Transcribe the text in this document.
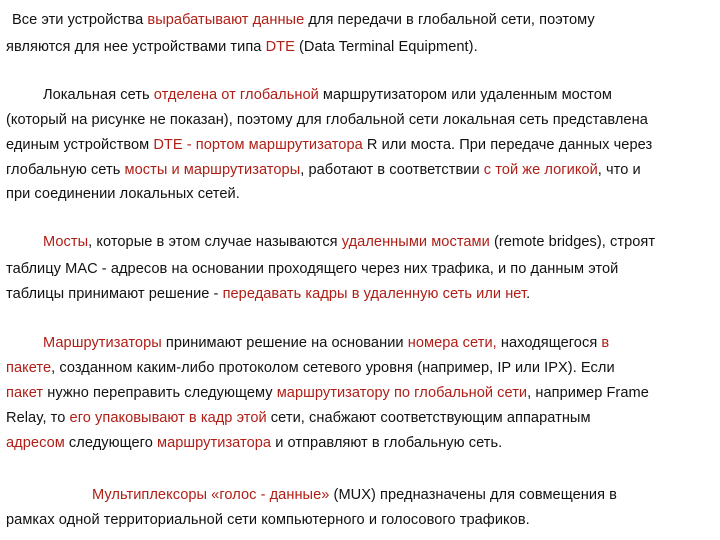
Все эти устройства вырабатывают данные для передачи в глобальной сети, поэтому
являются для нее устройствами типа DTE (Data Terminal Equipment).
Локальная сеть отделена от глобальной маршрутизатором или удаленным мостом
(который на рисунке не показан), поэтому для глобальной сети локальная сеть представлена
единым устройством DTE - портом маршрутизатора R или моста. При передаче данных через
глобальную сеть мосты и маршрутизаторы, работают в соответствии с той же логикой, что и
при соединении локальных сетей.
Мосты, которые в этом случае называются удаленными мостами (remote bridges), строят
таблицу MAC - адресов на основании проходящего через них трафика, и по данным этой
таблицы принимают решение - передавать кадры в удаленную сеть или нет.
Маршрутизаторы принимают решение на основании номера сети, находящегося в
пакете, созданном каким-либо протоколом сетевого уровня (например, IP или IPX). Если
пакет нужно переправить следующему маршрутизатору по глобальной сети, например Frame
Relay, то его упаковывают в кадр этой сети, снабжают соответствующим аппаратным
адресом следующего маршрутизатора и отправляют в глобальную сеть.
Мультиплексоры «голос - данные» (MUX) предназначены для совмещения в
рамках одной территориальной сети компьютерного и голосового трафиков.
